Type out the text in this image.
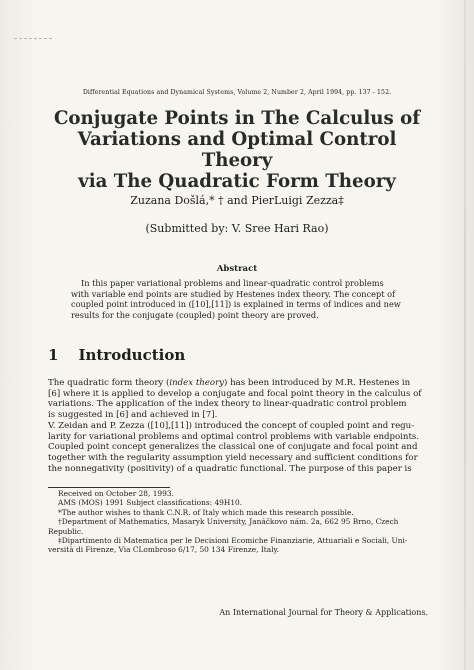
Differential Equations and Dynamical Systems, Volume 2, Number 2, April 1994, pp. 137 - 152.
Conjugate Points in The Calculus of
Variations and Optimal Control Theory
via The Quadratic Form Theory
Zuzana Došlá,* † and PierLuigi Zezza‡
(Submitted by: V. Sree Hari Rao)
Abstract

In this paper variational problems and linear-quadratic control problems

with variable end points are studied by Hestenes index theory. The concept of
coupled point introduced in ([10],[11]) is explained in terms of indices and new
results for the conjugate (coupled) point theory are proved.
1 Introduction
The quadratic form theory (index theory) has been introduced by M.R. Hestenes in
[6] where it is applied to develop a conjugate and focal point theory in the calculus of
variations. The application of the index theory to linear-quadratic control problem
is suggested in [6] and achieved in [7].
V. Zeidan and P. Zezza ([10],[11]) introduced the concept of coupled point and regu-
larity for variational problems and optimal control problems with variable endpoints.
Coupled point concept generalizes the classical one of conjugate and focal point and
together with the regularity assumption yield necessary and sufficient conditions for
the nonnegativity (positivity) of a quadratic functional. The purpose of this paper is
Received on October 28, 1993.
AMS (MOS) 1991 Subject classifications: 49H10.
*The author wishes to thank C.N.R. of Italy which made this research possible.
†Department of Mathematics, Masaryk University, Janáčkovo nám. 2a, 662 95 Brno, Czech
Republic.
‡Dipartimento di Matematica per le Decisioni Ecomiche Finanziarie, Attuariali e Sociali, Uni-
versità di Firenze, Via CLombroso 6/17, 50 134 Firenze, Italy.
An International Journal for Theory & Applications.
